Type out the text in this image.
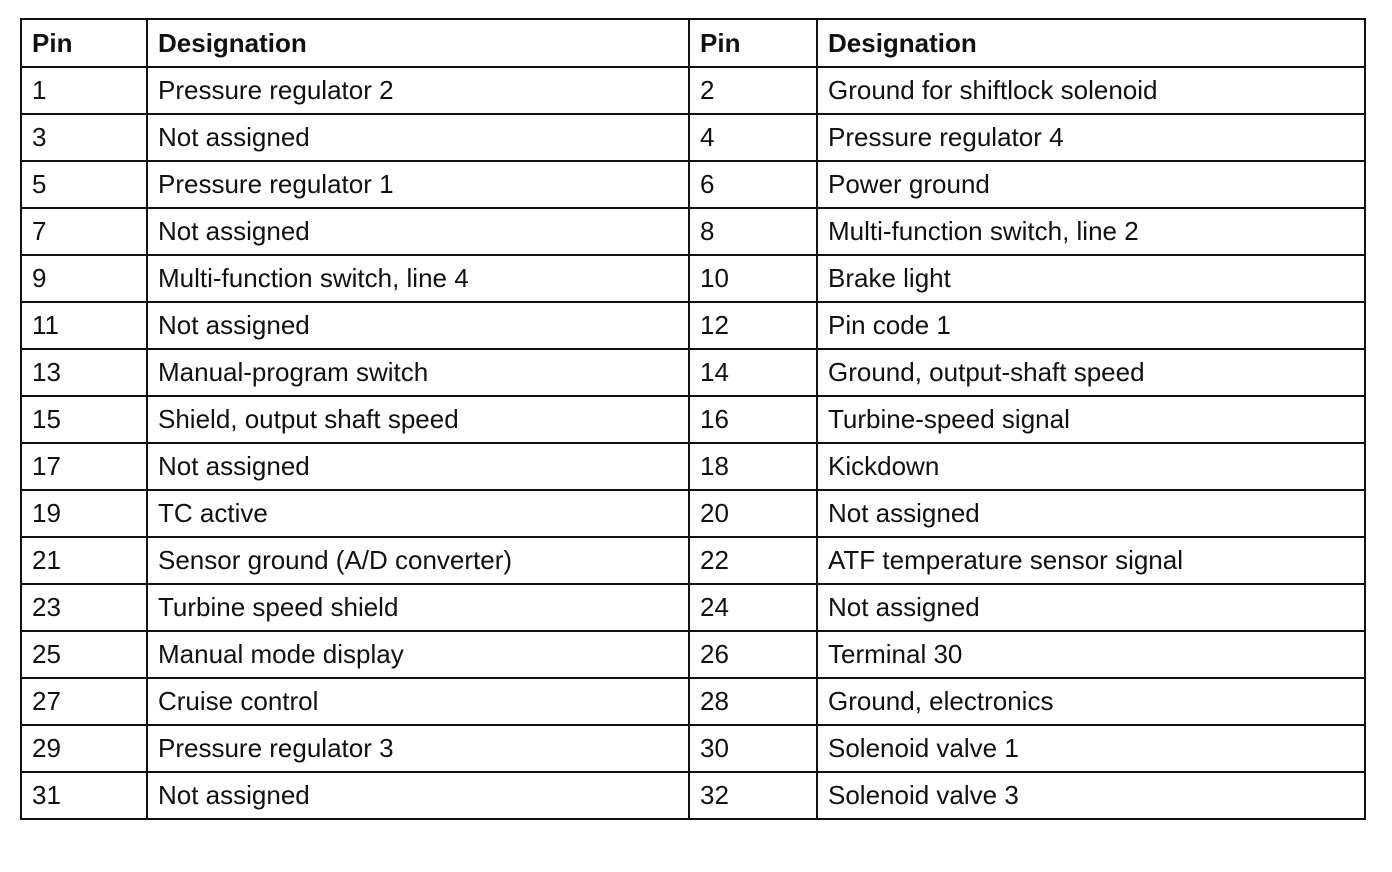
Pin	Designation	Pin	Designation
1	Pressure regulator 2	2	Ground for shiftlock solenoid
3	Not assigned	4	Pressure regulator 4
5	Pressure regulator 1	6	Power ground
7	Not assigned	8	Multi-function switch, line 2
9	Multi-function switch, line 4	10	Brake light
11	Not assigned	12	Pin code 1
13	Manual-program switch	14	Ground, output-shaft speed
15	Shield, output shaft speed	16	Turbine-speed signal
17	Not assigned	18	Kickdown
19	TC active	20	Not assigned
21	Sensor ground (A/D converter)	22	ATF temperature sensor signal
23	Turbine speed shield	24	Not assigned
25	Manual mode display	26	Terminal 30
27	Cruise control	28	Ground, electronics
29	Pressure regulator 3	30	Solenoid valve 1
31	Not assigned	32	Solenoid valve 3
